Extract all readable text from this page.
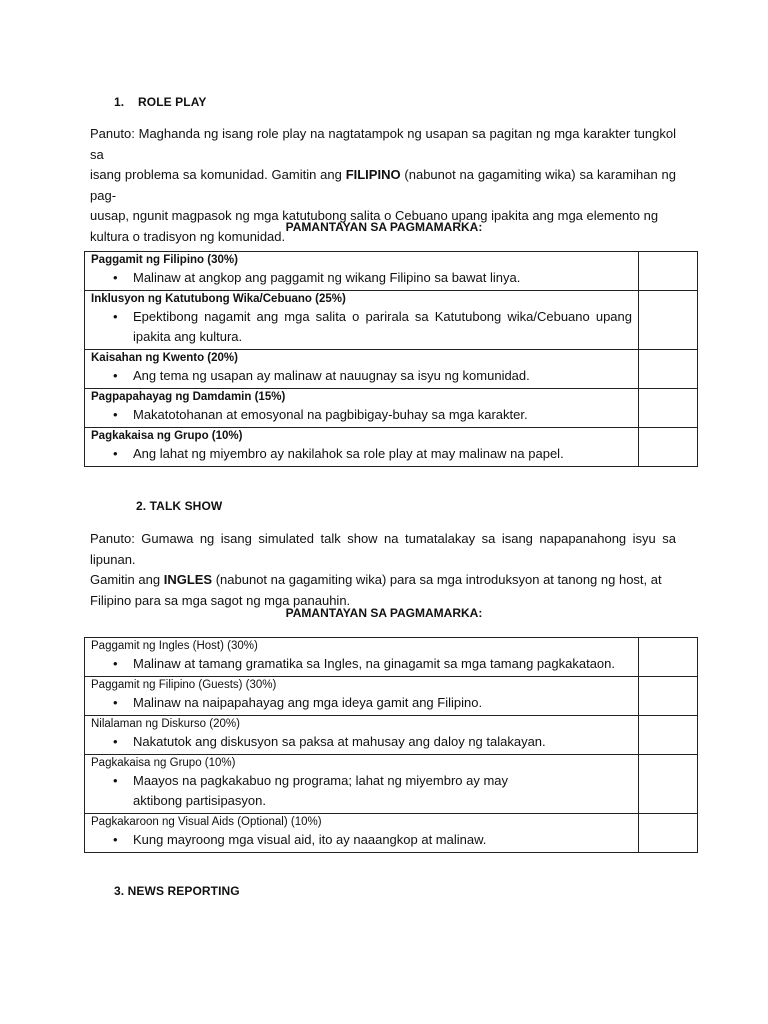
1. ROLE PLAY
Panuto: Maghanda ng isang role play na nagtatampok ng usapan sa pagitan ng mga karakter tungkol sa
isang problema sa komunidad. Gamitin ang FILIPINO (nabunot na gagamiting wika) sa karamihan ng pag-
uusap, ngunit magpasok ng mga katutubong salita o Cebuano upang ipakita ang mga elemento ng
kultura o tradisyon ng komunidad.
PAMANTAYAN SA PAGMAMARKA:
Paggamit ng Filipino (30%)
• Malinaw at angkop ang paggamit ng wikang Filipino sa bawat linya.	

Inklusyon ng Katutubong Wika/Cebuano (25%)
• Epektibong nagamit ang mga salita o parirala sa Katutubong wika/Cebuano upang ipakita ang kultura.	

Kaisahan ng Kwento (20%)
• Ang tema ng usapan ay malinaw at nauugnay sa isyu ng komunidad.	

Pagpapahayag ng Damdamin (15%)
• Makatotohanan at emosyonal na pagbibigay-buhay sa mga karakter.	

Pagkakaisa ng Grupo (10%)
• Ang lahat ng miyembro ay nakilahok sa role play at may malinaw na papel.	

2. TALK SHOW
Panuto: Gumawa ng isang simulated talk show na tumatalakay sa isang napapanahong isyu sa lipunan.
Gamitin ang INGLES (nabunot na gagamiting wika) para sa mga introduksyon at tanong ng host, at
Filipino para sa mga sagot ng mga panauhin.
PAMANTAYAN SA PAGMAMARKA:
Paggamit ng Ingles (Host) (30%)
• Malinaw at tamang gramatika sa Ingles, na ginagamit sa mga tamang pagkakataon.	

Paggamit ng Filipino (Guests) (30%)
• Malinaw na naipapahayag ang mga ideya gamit ang Filipino.	

Nilalaman ng Diskurso (20%)
• Nakatutok ang diskusyon sa paksa at mahusay ang daloy ng talakayan.	

Pagkakaisa ng Grupo (10%)
• Maayos na pagkakabuo ng programa; lahat ng miyembro ay may aktibong partisipasyon.	

Pagkakaroon ng Visual Aids (Optional) (10%)
• Kung mayroong mga visual aid, ito ay naaangkop at malinaw.	

3. NEWS REPORTING
